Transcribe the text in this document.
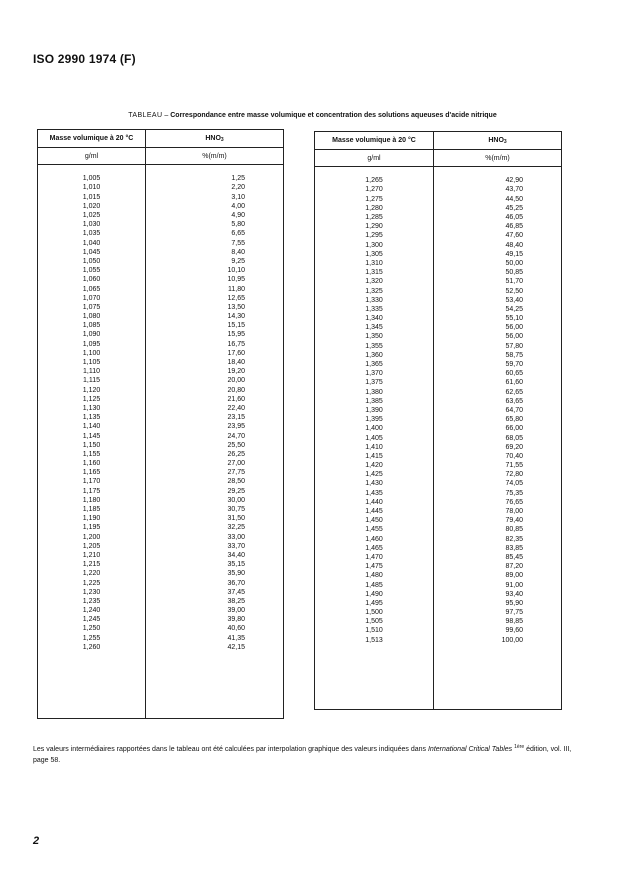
ISO 2990 1974 (F)
TABLEAU – Correspondance entre masse volumique et concentration des solutions aqueuses d'acide nitrique
Masse volumique à 20 °C	$HNO_3$
g/ml	%(m/m)

1,005	1,25
1,010	2,20
1,015	3,10
1,020	4,00
1,025	4,90
1,030	5,80
1,035	6,65
1,040	7,55
1,045	8,40
1,050	9,25
1,055	10,10
1,060	10,95
1,065	11,80
1,070	12,65
1,075	13,50
1,080	14,30
1,085	15,15
1,090	15,95
1,095	16,75
1,100	17,60
1,105	18,40
1,110	19,20
1,115	20,00
1,120	20,80
1,125	21,60
1,130	22,40
1,135	23,15
1,140	23,95
1,145	24,70
1,150	25,50
1,155	26,25
1,160	27,00
1,165	27,75
1,170	28,50
1,175	29,25
1,180	30,00
1,185	30,75
1,190	31,50
1,195	32,25
1,200	33,00
1,205	33,70
1,210	34,40
1,215	35,15
1,220	35,90
1,225	36,70
1,230	37,45
1,235	38,25
1,240	39,00
1,245	39,80
1,250	40,60
1,255	41,35
1,260	42,15

Masse volumique à 20 °C	$HNO_3$
g/ml	%(m/m)

1,265	42,90
1,270	43,70
1,275	44,50
1,280	45,25
1,285	46,05
1,290	46,85
1,295	47,60
1,300	48,40
1,305	49,15
1,310	50,00
1,315	50,85
1,320	51,70
1,325	52,50
1,330	53,40
1,335	54,25
1,340	55,10
1,345	56,00
1,350	56,00
1,355	57,80
1,360	58,75
1,365	59,70
1,370	60,65
1,375	61,60
1,380	62,65
1,385	63,65
1,390	64,70
1,395	65,80
1,400	66,00
1,405	68,05
1,410	69,20
1,415	70,40
1,420	71,55
1,425	72,80
1,430	74,05
1,435	75,35
1,440	76,65
1,445	78,00
1,450	79,40
1,455	80,85
1,460	82,35
1,465	83,85
1,470	85,45
1,475	87,20
1,480	89,00
1,485	91,00
1,490	93,40
1,495	95,90
1,500	97,75
1,505	98,85
1,510	99,60
1,513	100,00

Les valeurs intermédiaires rapportées dans le tableau ont été calculées par interpolation graphique des valeurs indiquées dans International Critical Tables $^{1ère}$ édition, vol. III, page 58.
2
